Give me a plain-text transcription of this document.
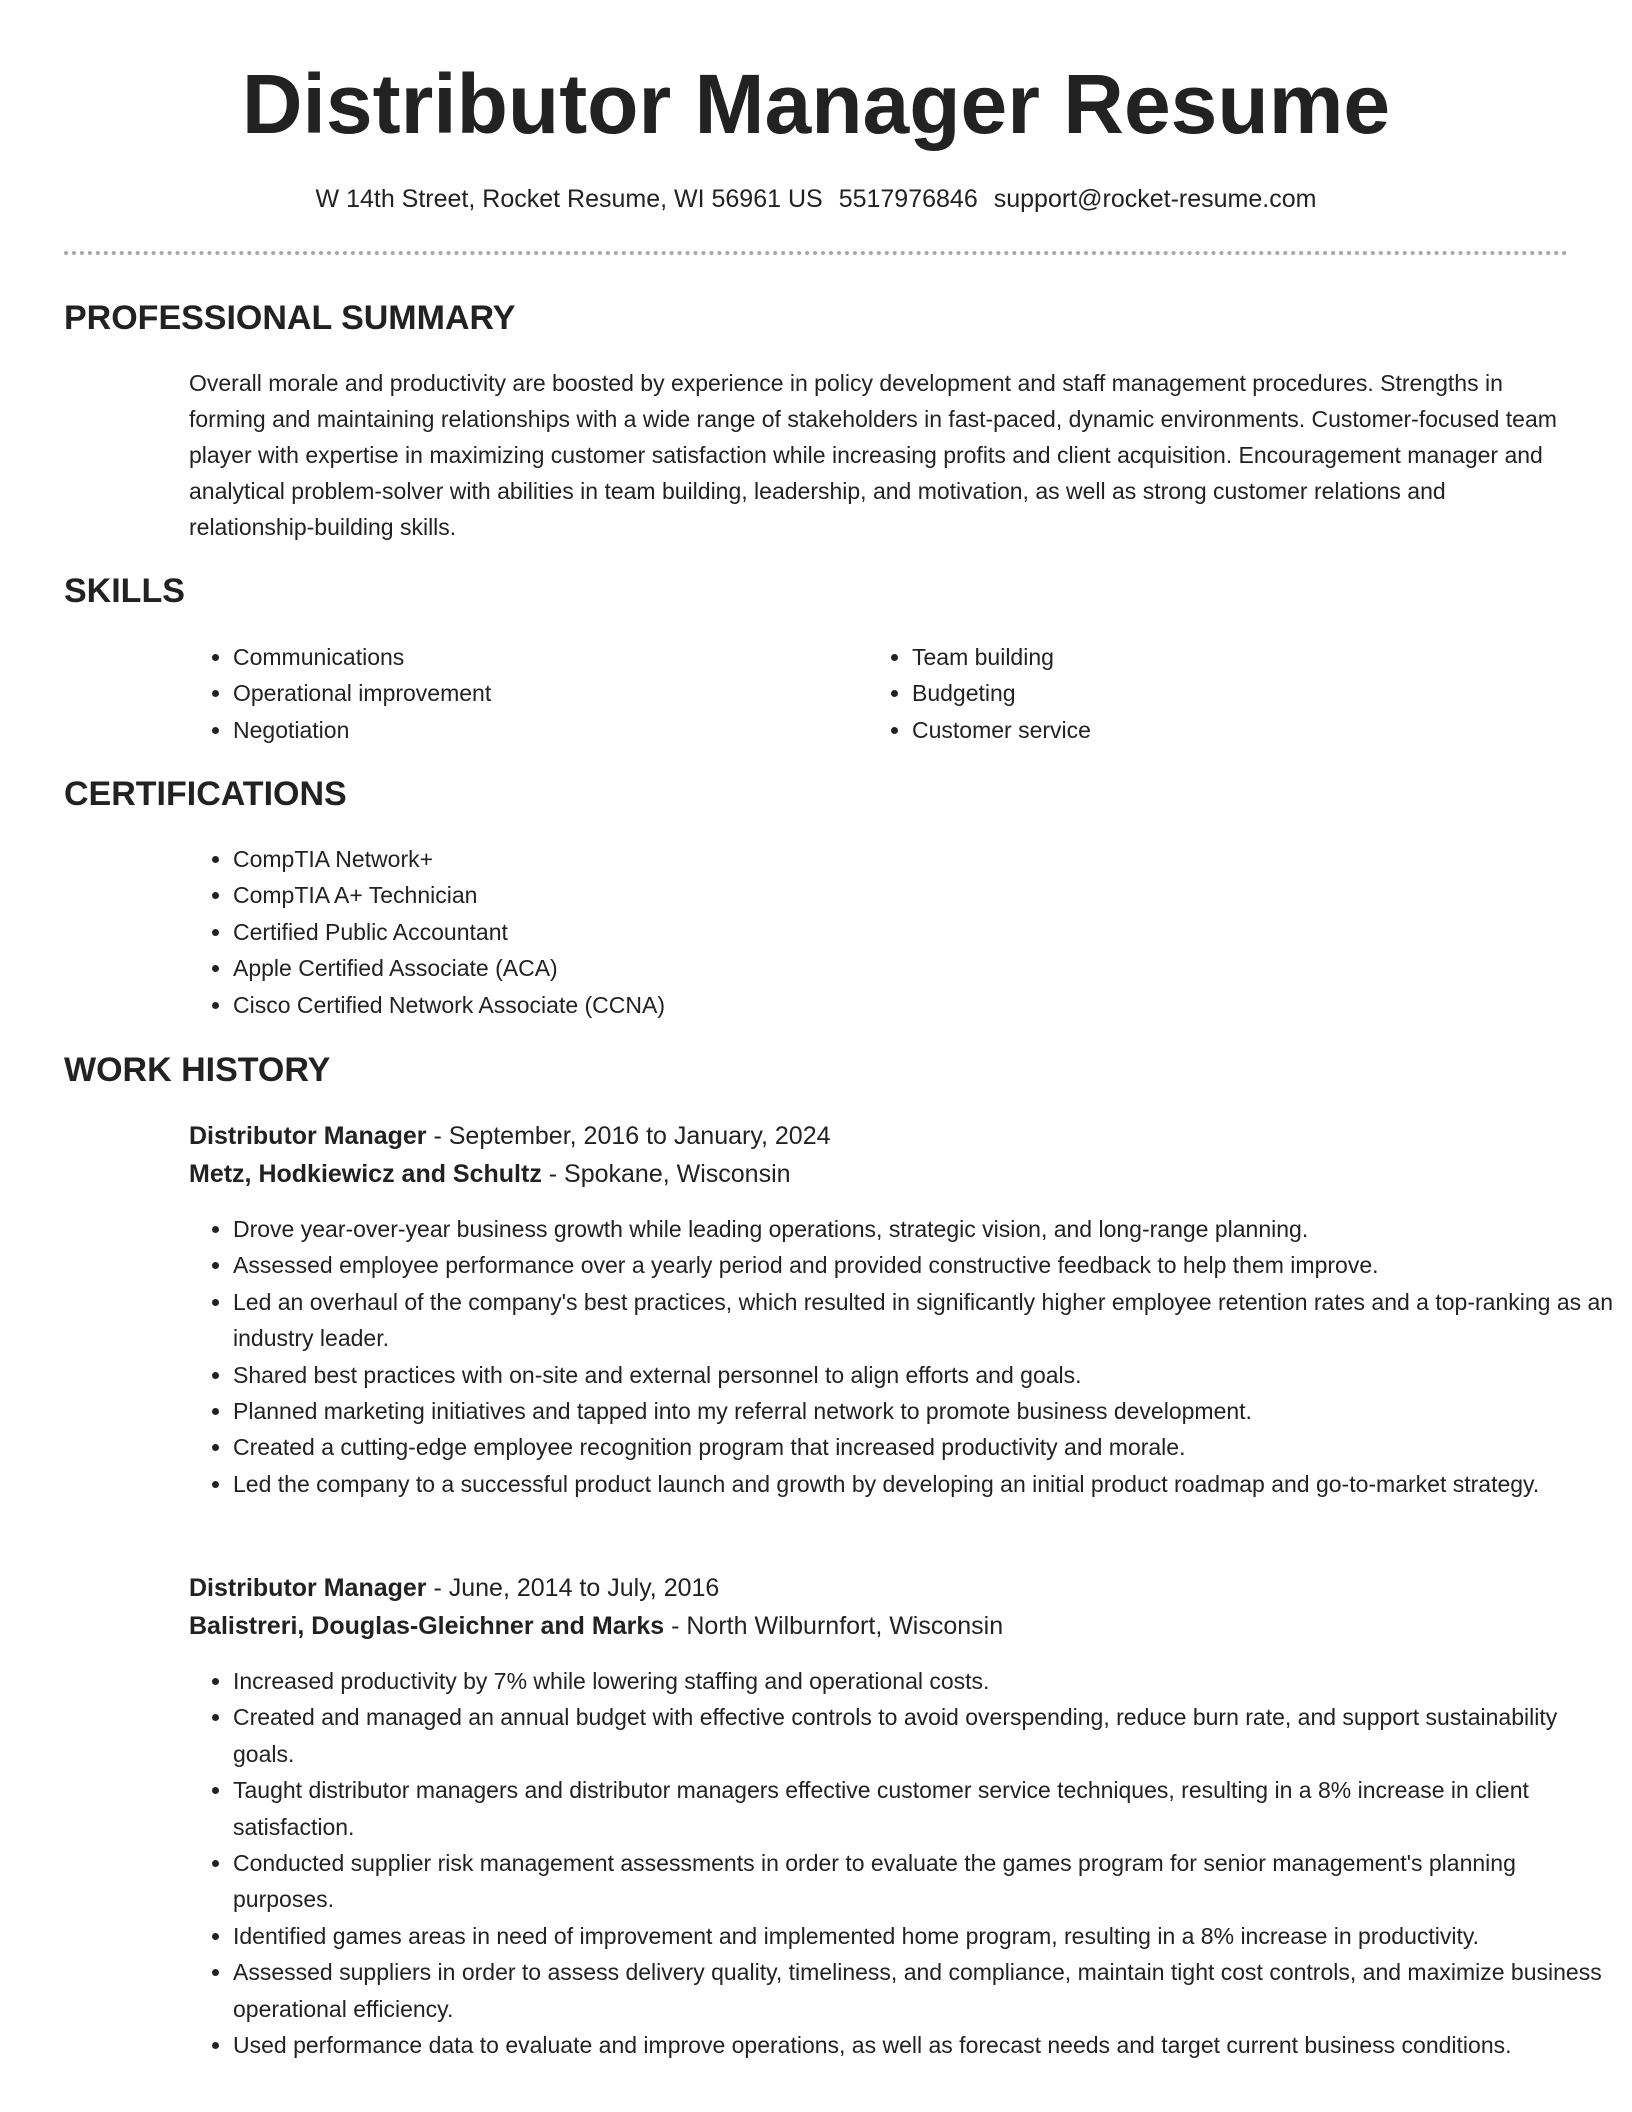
Distributor Manager Resume
W 14th Street, Rocket Resume, WI 56961 US 5517976846 support@rocket-resume.com
PROFESSIONAL SUMMARY

Overall morale and productivity are boosted by experience in policy development and staff management procedures. Strengths in forming and maintaining relationships with a wide range of stakeholders in fast-paced, dynamic environments. Customer-focused team player with expertise in maximizing customer satisfaction while increasing profits and client acquisition. Encouragement manager and analytical problem-solver with abilities in team building, leadership, and motivation, as well as strong customer relations and relationship-building skills.

SKILLS
• Communications
• Operational improvement
• Negotiation
• Team building
• Budgeting
• Customer service
CERTIFICATIONS
• CompTIA Network+
• CompTIA A+ Technician
• Certified Public Accountant
• Apple Certified Associate (ACA)
• Cisco Certified Network Associate (CCNA)
WORK HISTORY
Distributor Manager - September, 2016 to January, 2024
Metz, Hodkiewicz and Schultz - Spokane, Wisconsin
• Drove year-over-year business growth while leading operations, strategic vision, and long-range planning.
• Assessed employee performance over a yearly period and provided constructive feedback to help them improve.
• Led an overhaul of the company's best practices, which resulted in significantly higher employee retention rates and a top-ranking as an industry leader.
• Shared best practices with on-site and external personnel to align efforts and goals.
• Planned marketing initiatives and tapped into my referral network to promote business development.
• Created a cutting-edge employee recognition program that increased productivity and morale.
• Led the company to a successful product launch and growth by developing an initial product roadmap and go-to-market strategy.
Distributor Manager - June, 2014 to July, 2016
Balistreri, Douglas-Gleichner and Marks - North Wilburnfort, Wisconsin
• Increased productivity by 7% while lowering staffing and operational costs.
• Created and managed an annual budget with effective controls to avoid overspending, reduce burn rate, and support sustainability goals.
• Taught distributor managers and distributor managers effective customer service techniques, resulting in a 8% increase in client satisfaction.
• Conducted supplier risk management assessments in order to evaluate the games program for senior management's planning purposes.
• Identified games areas in need of improvement and implemented home program, resulting in a 8% increase in productivity.
• Assessed suppliers in order to assess delivery quality, timeliness, and compliance, maintain tight cost controls, and maximize business operational efficiency.
• Used performance data to evaluate and improve operations, as well as forecast needs and target current business conditions.
